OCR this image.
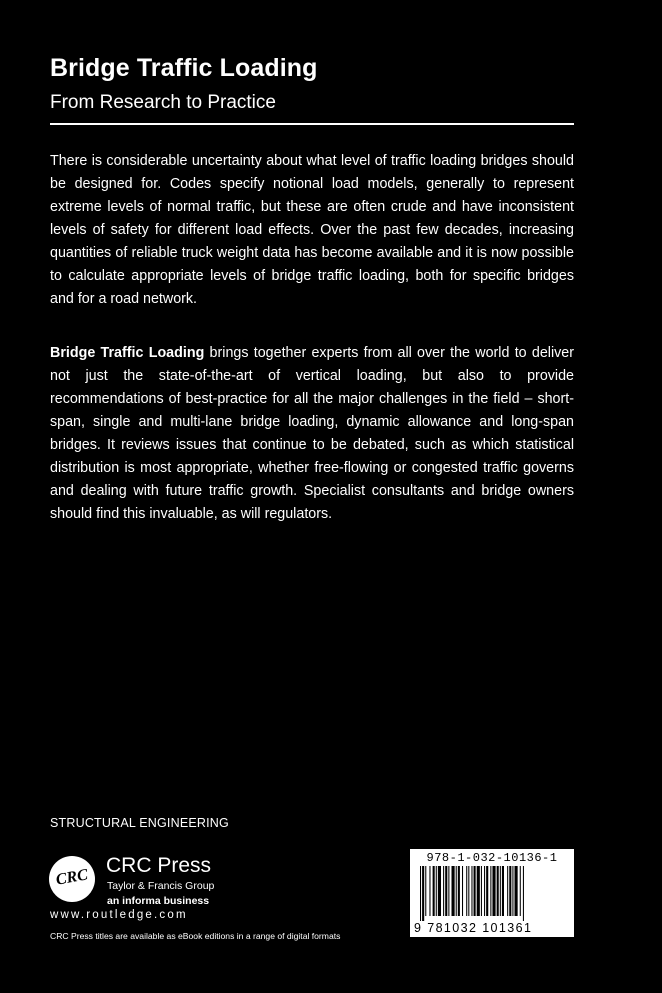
Bridge Traffic Loading
From Research to Practice

There is considerable uncertainty about what level of traffic loading bridges should be designed for. Codes specify notional load models, generally to represent extreme levels of normal traffic, but these are often crude and have inconsistent levels of safety for different load effects. Over the past few decades, increasing quantities of reliable truck weight data has become available and it is now possible to calculate appropriate levels of bridge traffic loading, both for specific bridges and for a road network.

Bridge Traffic Loading brings together experts from all over the world to deliver not just the state-of-the-art of vertical loading, but also to provide recommendations of best-practice for all the major challenges in the field – short-span, single and multi-lane bridge loading, dynamic allowance and long-span bridges. It reviews issues that continue to be debated, such as which statistical distribution is most appropriate, whether free-flowing or congested traffic governs and dealing with future traffic growth. Specialist consultants and bridge owners should find this invaluable, as will regulators.

STRUCTURAL ENGINEERING
CRC
CRC Press
Taylor & Francis Group
an informa business
www.routledge.com
CRC Press titles are available as eBook editions in a range of digital formats
978-1-032-10136-1
9 781032 101361
